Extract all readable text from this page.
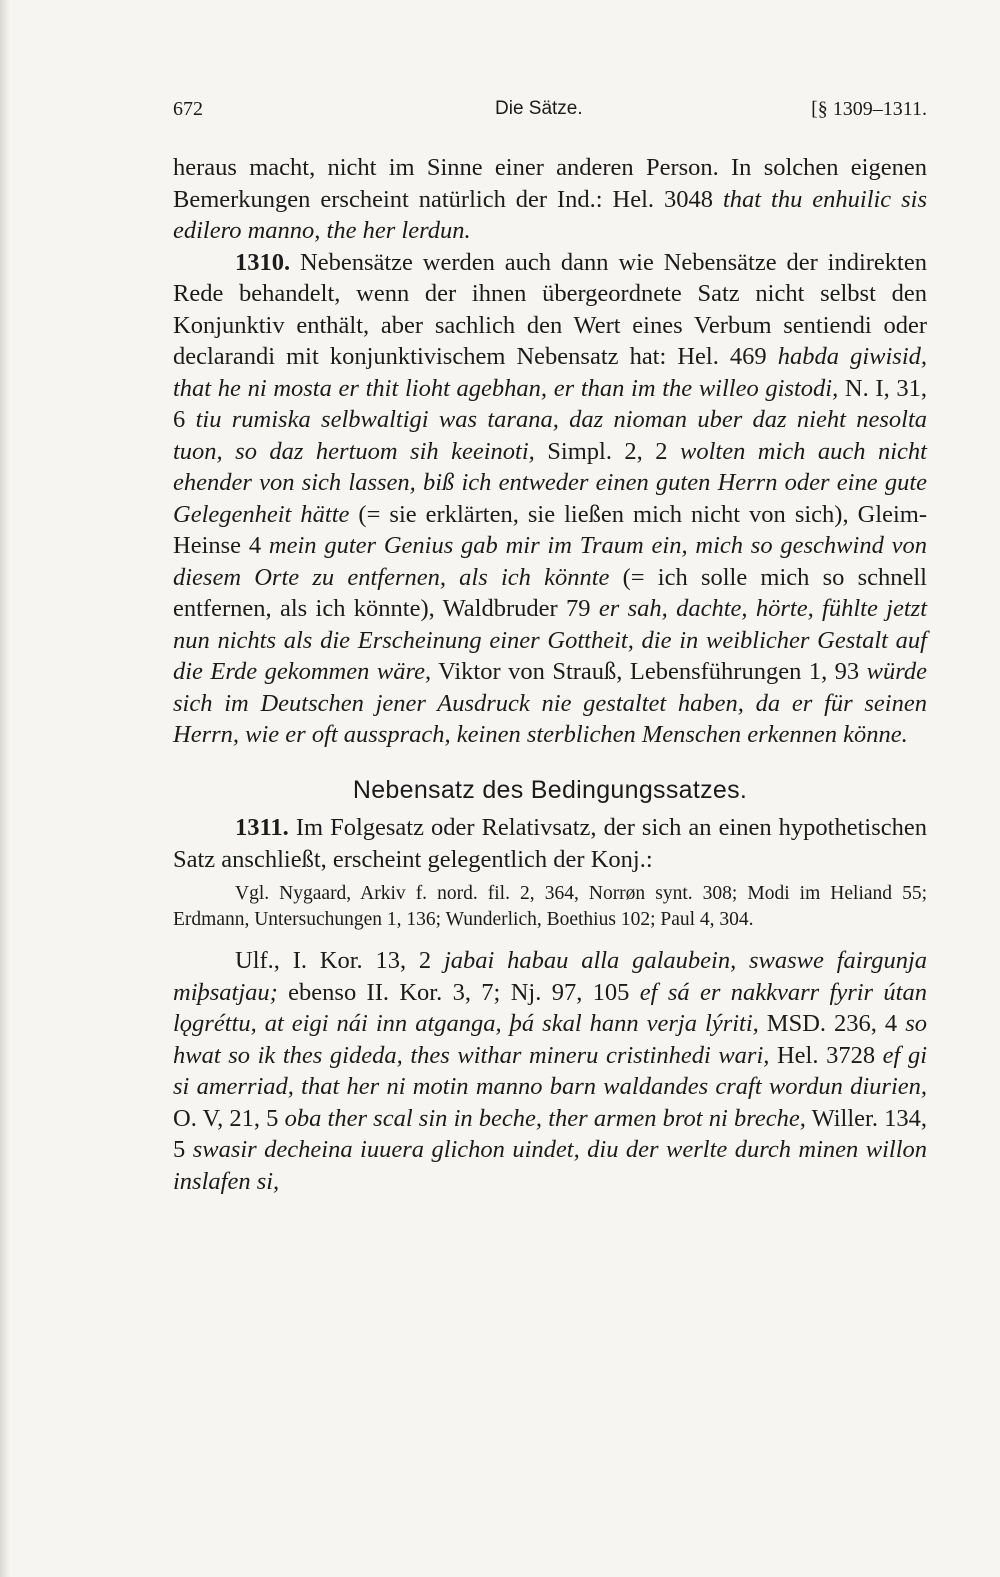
672	Die Sätze.	[§ 1309–1311.

heraus macht, nicht im Sinne einer anderen Person. In solchen eigenen Bemerkungen erscheint natürlich der Ind.: Hel. 3048 that thu enhuilic sis edilero manno, the her lerdun.

1310. Nebensätze werden auch dann wie Nebensätze der indirekten Rede behandelt, wenn der ihnen übergeordnete Satz nicht selbst den Konjunktiv enthält, aber sachlich den Wert eines Verbum sentiendi oder declarandi mit konjunktivischem Nebensatz hat: Hel. 469 habda giwisid, that he ni mosta er thit lioht agebhan, er than im the willeo gistodi, N. I, 31, 6 tiu rumiska selbwaltigi was tarana, daz nioman uber daz nieht nesolta tuon, so daz hertuom sih keeinoti, Simpl. 2, 2 wolten mich auch nicht ehender von sich lassen, biß ich entweder einen guten Herrn oder eine gute Gelegenheit hätte (= sie erklärten, sie ließen mich nicht von sich), Gleim-Heinse 4 mein guter Genius gab mir im Traum ein, mich so geschwind von diesem Orte zu entfernen, als ich könnte (= ich solle mich so schnell entfernen, als ich könnte), Waldbruder 79 er sah, dachte, hörte, fühlte jetzt nun nichts als die Erscheinung einer Gottheit, die in weiblicher Gestalt auf die Erde gekommen wäre, Viktor von Strauß, Lebensführungen 1, 93 würde sich im Deutschen jener Ausdruck nie gestaltet haben, da er für seinen Herrn, wie er oft aussprach, keinen sterblichen Menschen erkennen könne.

Nebensatz des Bedingungssatzes.

1311. Im Folgesatz oder Relativsatz, der sich an einen hypothetischen Satz anschließt, erscheint gelegentlich der Konj.:

Vgl. Nygaard, Arkiv f. nord. fil. 2, 364, Norrøn synt. 308; Modi im Heliand 55; Erdmann, Untersuchungen 1, 136; Wunderlich, Boethius 102; Paul 4, 304.

Ulf., I. Kor. 13, 2 jabai habau alla galaubein, swaswe fairgunja miþsatjau; ebenso II. Kor. 3, 7; Nj. 97, 105 ef sá er nakkvarr fyrir útan lǫgréttu, at eigi nái inn atganga, þá skal hann verja lýriti, MSD. 236, 4 so hwat so ik thes gideda, thes withar mineru cristinhedi wari, Hel. 3728 ef gi si amerriad, that her ni motin manno barn waldandes craft wordun diurien, O. V, 21, 5 oba ther scal sin in beche, ther armen brot ni breche, Willer. 134, 5 swasir decheina iuuera glichon uindet, diu der werlte durch minen willon inslafen si,
